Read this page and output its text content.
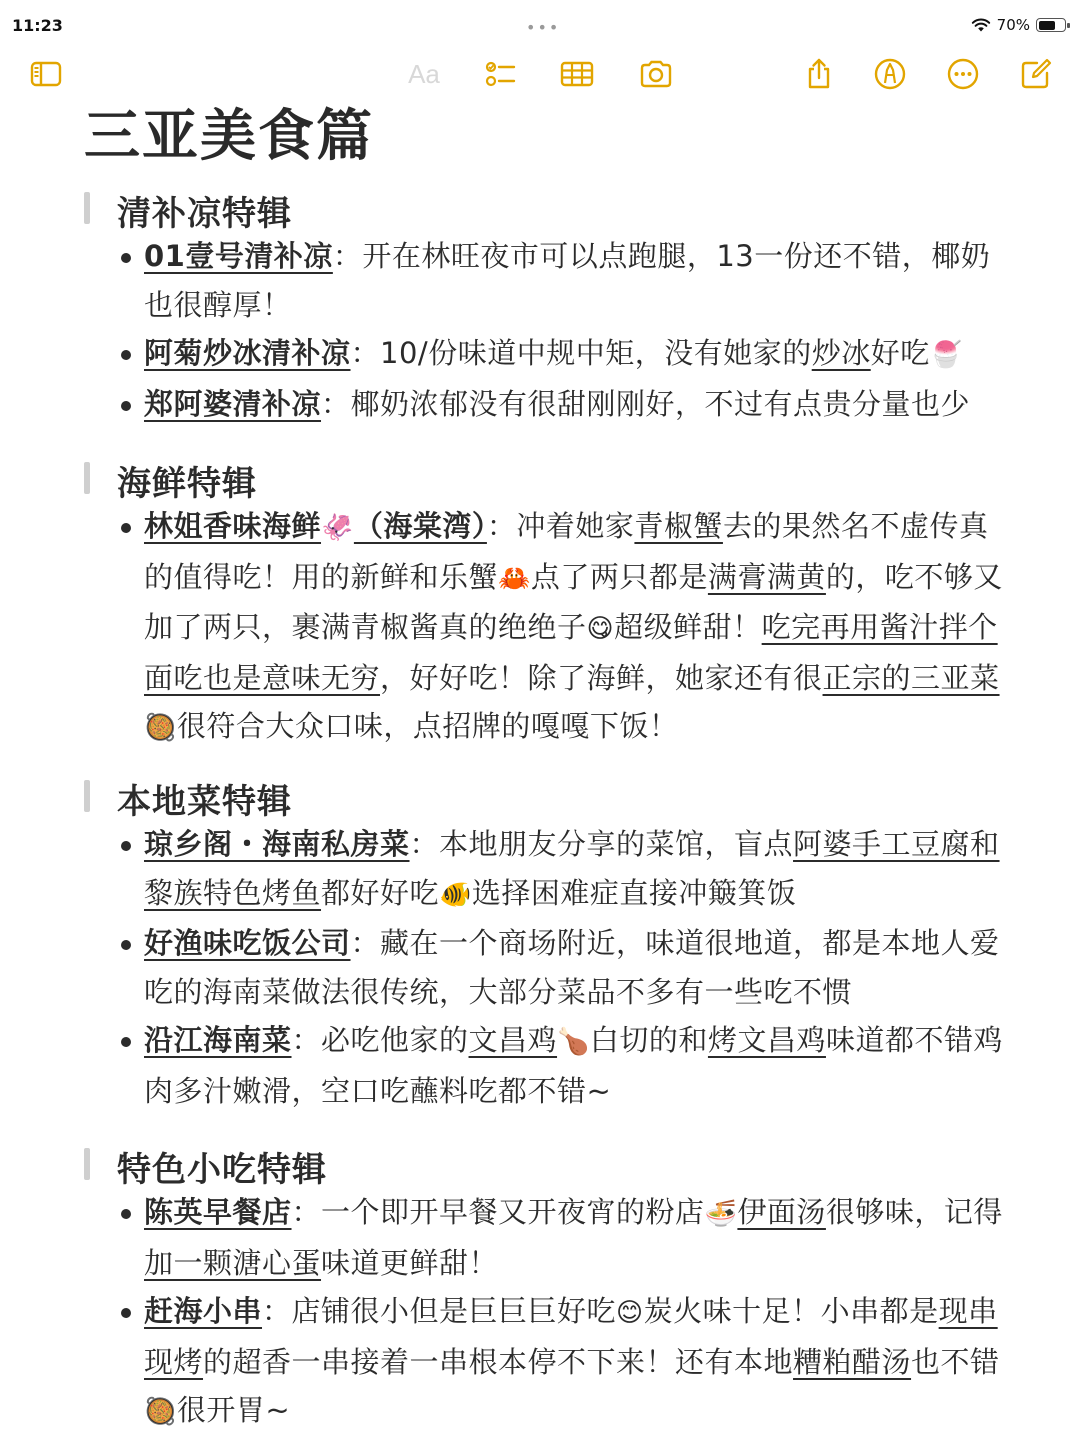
11:23	•••	70%
Aa
三亚美食篇
清补凉特辑
01壹号清补凉：开在林旺夜市可以点跑腿，13一份还不错，椰奶也很醇厚！
阿菊炒冰清补凉：10/份味道中规中矩，没有她家的炒冰好吃🍧
郑阿婆清补凉：椰奶浓郁没有很甜刚刚好，不过有点贵分量也少
海鲜特辑
林姐香味海鲜🦑（海棠湾）：冲着她家青椒蟹去的果然名不虚传真的值得吃！用的新鲜和乐蟹🦀点了两只都是满膏满黄的，吃不够又加了两只，裹满青椒酱真的绝绝子😋超级鲜甜！吃完再用酱汁拌个面吃也是意味无穷，好好吃！除了海鲜，她家还有很正宗的三亚菜🥘很符合大众口味，点招牌的嘎嘎下饭！
本地菜特辑
琼乡阁・海南私房菜：本地朋友分享的菜馆，盲点阿婆手工豆腐和黎族特色烤鱼都好好吃🐠选择困难症直接冲簸箕饭
好渔味吃饭公司：藏在一个商场附近，味道很地道，都是本地人爱吃的海南菜做法很传统，大部分菜品不多有一些吃不惯
沿江海南菜：必吃他家的文昌鸡🍗白切的和烤文昌鸡味道都不错鸡肉多汁嫩滑，空口吃蘸料吃都不错~
特色小吃特辑
陈英早餐店：一个即开早餐又开夜宵的粉店🍜伊面汤很够味，记得加一颗溏心蛋味道更鲜甜！
赶海小串：店铺很小但是巨巨巨好吃😊炭火味十足！小串都是现串现烤的超香一串接着一串根本停不下来！还有本地糟粕醋汤也不错🥘很开胃~
